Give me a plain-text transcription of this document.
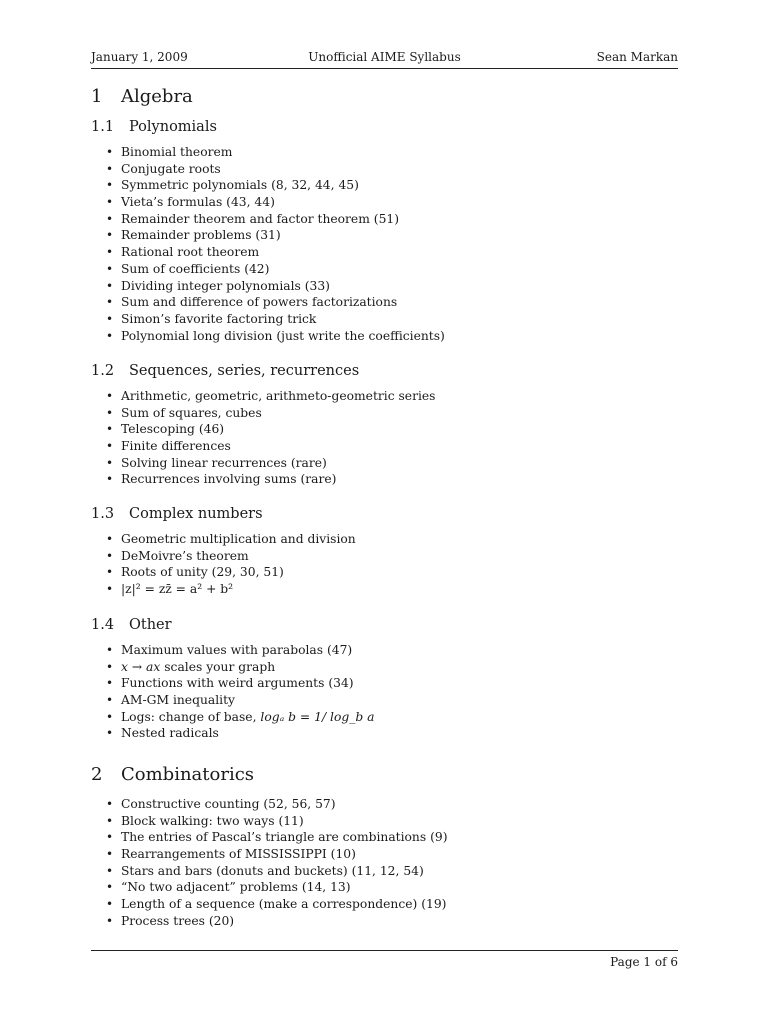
January 1, 2009	Unofficial AIME Syllabus	Sean Markan
1 Algebra
1.1 Polynomials
• Binomial theorem
• Conjugate roots
• Symmetric polynomials (8, 32, 44, 45)
• Vieta’s formulas (43, 44)
• Remainder theorem and factor theorem (51)
• Remainder problems (31)
• Rational root theorem
• Sum of coefficients (42)
• Dividing integer polynomials (33)
• Sum and difference of powers factorizations
• Simon’s favorite factoring trick
• Polynomial long division (just write the coefficients)
1.2 Sequences, series, recurrences
• Arithmetic, geometric, arithmeto-geometric series
• Sum of squares, cubes
• Telescoping (46)
• Finite differences
• Solving linear recurrences (rare)
• Recurrences involving sums (rare)
1.3 Complex numbers
• Geometric multiplication and division
• DeMoivre’s theorem
• Roots of unity (29, 30, 51)
• |z|² = zz̄ = a² + b²
1.4 Other
• Maximum values with parabolas (47)
• x → ax scales your graph
• Functions with weird arguments (34)
• AM-GM inequality
• Logs: change of base, logₐ b = 1/ log_b a
• Nested radicals
2 Combinatorics
• Constructive counting (52, 56, 57)
• Block walking: two ways (11)
• The entries of Pascal’s triangle are combinations (9)
• Rearrangements of MISSISSIPPI (10)
• Stars and bars (donuts and buckets) (11, 12, 54)
• “No two adjacent” problems (14, 13)
• Length of a sequence (make a correspondence) (19)
• Process trees (20)
Page 1 of 6
